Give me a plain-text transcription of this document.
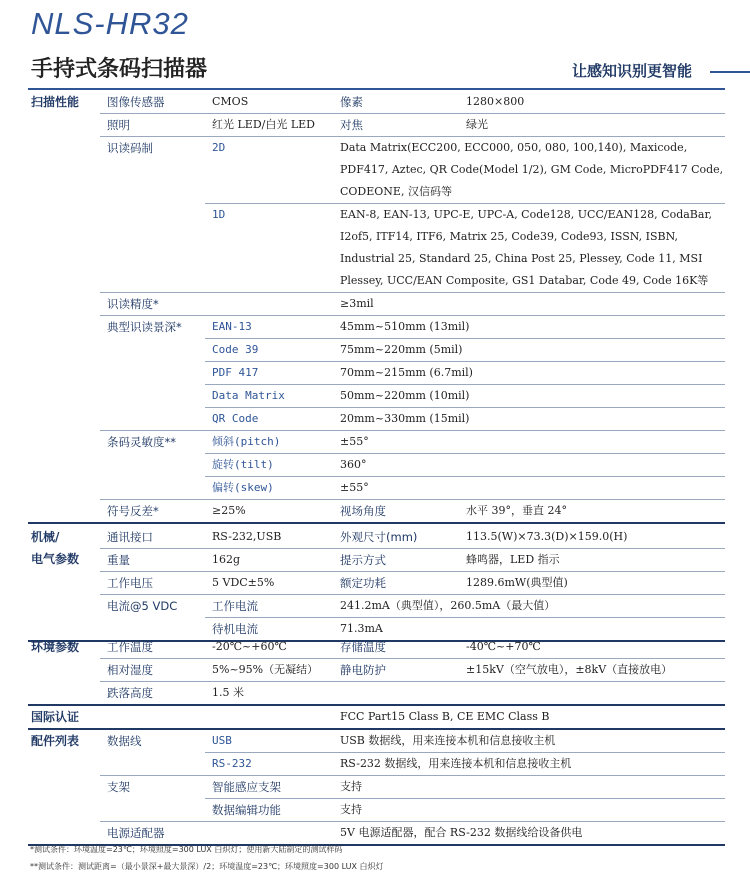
NLS-HR32
手持式条码扫描器	让感知识别更智能
扫描性能	图像传感器	CMOS	像素	1280×800
	照明	红光 LED/白光 LED	对焦	绿光
	识读码制	2D	Data Matrix(ECC200, ECC000, 050, 080, 100,140), Maxicode, PDF417, Aztec, QR Code(Model 1/2), GM Code, MicroPDF417 Code, CODEONE, 汉信码等	
		1D	EAN-8, EAN-13, UPC-E, UPC-A, Code128, UCC/EAN128, CodaBar, I2of5, ITF14, ITF6, Matrix 25, Code39, Code93, ISSN, ISBN, Industrial 25, Standard 25, China Post 25, Plessey, Code 11, MSI Plessey, UCC/EAN Composite, GS1 Databar, Code 49, Code 16K等	
	识读精度*		≥3mil	
	典型识读景深*	EAN-13	45mm~510mm (13mil)	
		Code 39	75mm~220mm (5mil)	
		PDF 417	70mm~215mm (6.7mil)	
		Data Matrix	50mm~220mm (10mil)	
		QR Code	20mm~330mm (15mil)	
	条码灵敏度**	倾斜(pitch)	±55°	
		旋转(tilt)	360°	
		偏转(skew)	±55°	
	符号反差*	≥25%	视场角度	水平 39°，垂直 24°
机械/
电气参数	通讯接口	RS-232,USB	外观尺寸(mm)	113.5(W)×73.3(D)×159.0(H)
	重量	162g	提示方式	蜂鸣器，LED 指示
	工作电压	5 VDC±5%	额定功耗	1289.6mW(典型值)
	电流@5 VDC	工作电流	241.2mA（典型值），260.5mA（最大值）	
		待机电流	71.3mA	
环境参数	工作温度	-20℃~+60℃	存储温度	-40℃~+70℃
	相对湿度	5%~95%（无凝结）	静电防护	±15kV（空气放电），±8kV（直接放电）
	跌落高度	1.5 米		
国际认证			FCC Part15 Class B, CE EMC Class B	
配件列表	数据线	USB	USB 数据线，用来连接本机和信息接收主机	
		RS-232	RS-232 数据线，用来连接本机和信息接收主机	
	支架	智能感应支架	支持	
		数据编辑功能	支持	
	电源适配器		5V 电源适配器，配合 RS-232 数据线给设备供电	
*测试条件：环境温度=23℃；环境照度=300 LUX 白炽灯；使用新大陆制定的测试样码
**测试条件：测试距离=（最小景深+最大景深）/2；环境温度=23℃；环境照度=300 LUX 白炽灯
